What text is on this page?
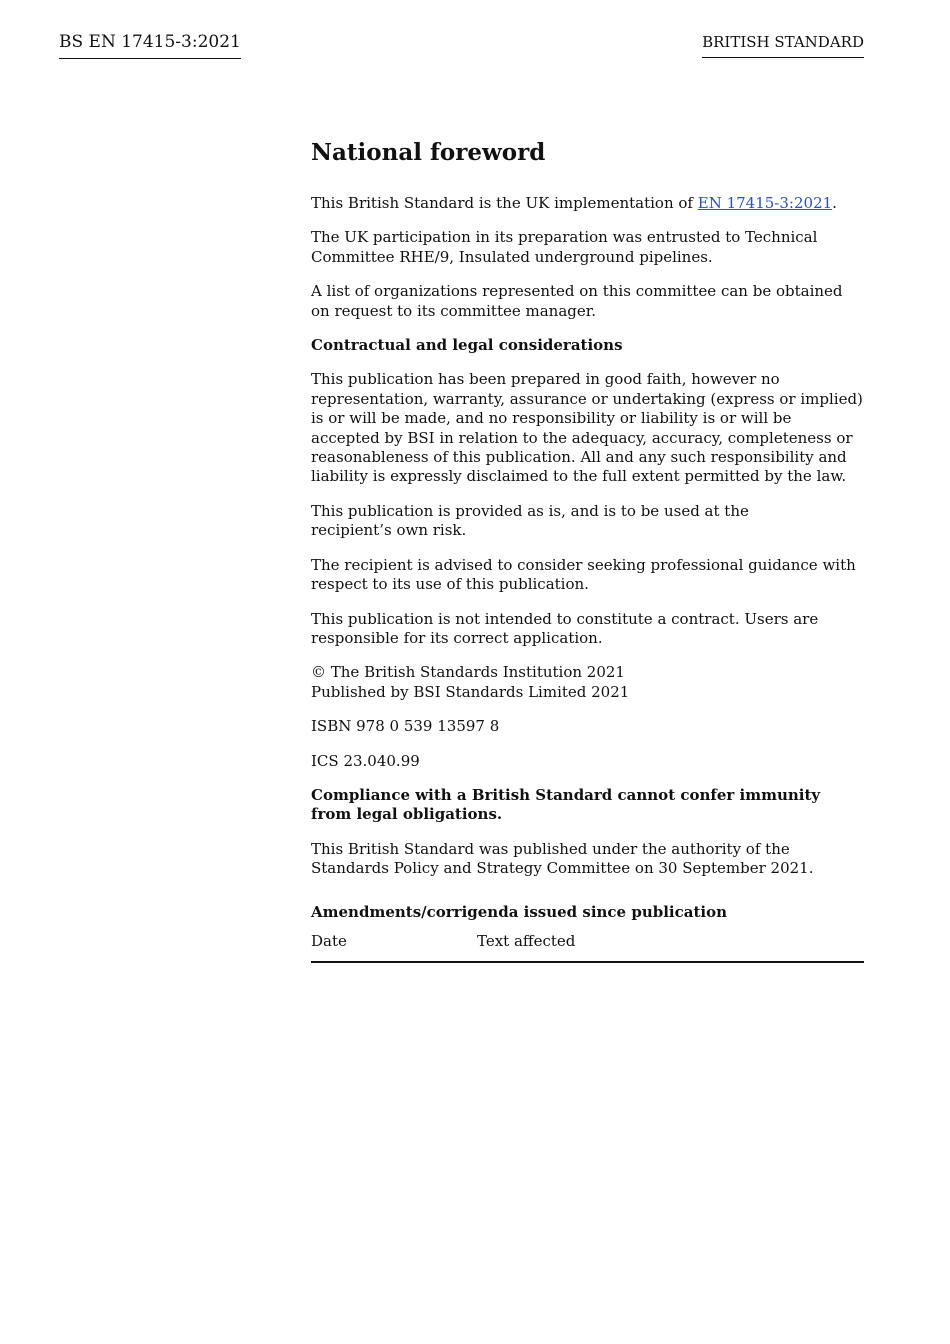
BS EN 17415-3:2021	BRITISH STANDARD
National foreword

This British Standard is the UK implementation of EN 17415-3:2021.

The UK participation in its preparation was entrusted to Technical Committee RHE/9, Insulated underground pipelines.

A list of organizations represented on this committee can be obtained on request to its committee manager.

Contractual and legal considerations

This publication has been prepared in good faith, however no representation, warranty, assurance or undertaking (express or implied) is or will be made, and no responsibility or liability is or will be accepted by BSI in relation to the adequacy, accuracy, completeness or reasonableness of this publication. All and any such responsibility and liability is expressly disclaimed to the full extent permitted by the law.

This publication is provided as is, and is to be used at the
recipient’s own risk.

The recipient is advised to consider seeking professional guidance with respect to its use of this publication.

This publication is not intended to constitute a contract. Users are responsible for its correct application.

© The British Standards Institution 2021
Published by BSI Standards Limited 2021

ISBN 978 0 539 13597 8

ICS 23.040.99

Compliance with a British Standard cannot confer immunity from legal obligations.

This British Standard was published under the authority of the Standards Policy and Strategy Committee on 30 September 2021.

Amendments/corrigenda issued since publication
Date	Text affected
